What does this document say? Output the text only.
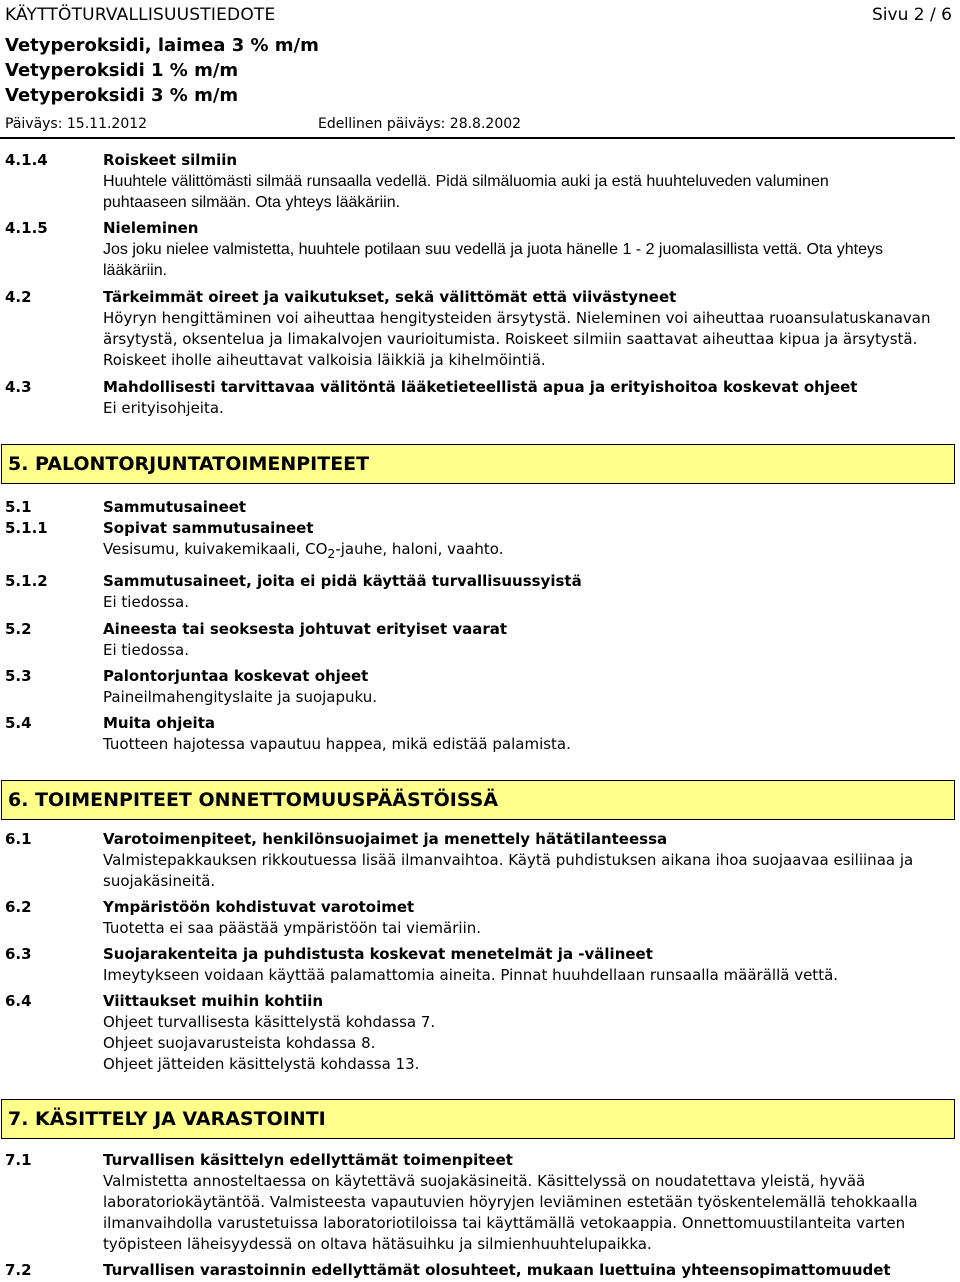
KÄYTTÖTURVALLISUUSTIEDOTE	Sivu 2 / 6
Vetyperoksidi, laimea 3 % m/m
Vetyperoksidi 1 % m/m
Vetyperoksidi 3 % m/m
Päiväys: 15.11.2012	Edellinen päiväys: 28.8.2002
4.1.4	Roiskeet silmiin
Huuhtele välittömästi silmää runsaalla vedellä. Pidä silmäluomia auki ja estä huuhteluveden valuminen
puhtaaseen silmään. Ota yhteys lääkäriin.
4.1.5	Nieleminen
Jos joku nielee valmistetta, huuhtele potilaan suu vedellä ja juota hänelle 1 - 2 juomalasillista vettä. Ota yhteys
lääkäriin.
4.2	Tärkeimmät oireet ja vaikutukset, sekä välittömät että viivästyneet
Höyryn hengittäminen voi aiheuttaa hengitysteiden ärsytystä. Nieleminen voi aiheuttaa ruoansulatuskanavan
ärsytystä, oksentelua ja limakalvojen vaurioitumista. Roiskeet silmiin saattavat aiheuttaa kipua ja ärsytystä.
Roiskeet iholle aiheuttavat valkoisia läikkiä ja kihelmöintiä.
4.3	Mahdollisesti tarvittavaa välitöntä lääketieteellistä apua ja erityishoitoa koskevat ohjeet
Ei erityisohjeita.
5. PALONTORJUNTATOIMENPITEET
5.1	Sammutusaineet
5.1.1	Sopivat sammutusaineet
Vesisumu, kuivakemikaali, $CO_2$-jauhe, haloni, vaahto.
5.1.2	Sammutusaineet, joita ei pidä käyttää turvallisuussyistä
Ei tiedossa.
5.2	Aineesta tai seoksesta johtuvat erityiset vaarat
Ei tiedossa.
5.3	Palontorjuntaa koskevat ohjeet
Paineilmahengityslaite ja suojapuku.
5.4	Muita ohjeita
Tuotteen hajotessa vapautuu happea, mikä edistää palamista.
6. TOIMENPITEET ONNETTOMUUSPÄÄSTÖISSÄ
6.1	Varotoimenpiteet, henkilönsuojaimet ja menettely hätätilanteessa
Valmistepakkauksen rikkoutuessa lisää ilmanvaihtoa. Käytä puhdistuksen aikana ihoa suojaavaa esiliinaa ja
suojakäsineitä.
6.2	Ympäristöön kohdistuvat varotoimet
Tuotetta ei saa päästää ympäristöön tai viemäriin.
6.3	Suojarakenteita ja puhdistusta koskevat menetelmät ja -välineet
Imeytykseen voidaan käyttää palamattomia aineita. Pinnat huuhdellaan runsaalla määrällä vettä.
6.4	Viittaukset muihin kohtiin
Ohjeet turvallisesta käsittelystä kohdassa 7.
Ohjeet suojavarusteista kohdassa 8.
Ohjeet jätteiden käsittelystä kohdassa 13.
7. KÄSITTELY JA VARASTOINTI
7.1	Turvallisen käsittelyn edellyttämät toimenpiteet
Valmistetta annosteltaessa on käytettävä suojakäsineitä. Käsittelyssä on noudatettava yleistä, hyvää
laboratoriokäytäntöä. Valmisteesta vapautuvien höyryjen leviäminen estetään työskentelemällä tehokkaalla
ilmanvaihdolla varustetuissa laboratoriotiloissa tai käyttämällä vetokaappia. Onnettomuustilanteita varten
työpisteen läheisyydessä on oltava hätäsuihku ja silmienhuuhtelupaikka.
7.2	Turvallisen varastoinnin edellyttämät olosuhteet, mukaan luettuina yhteensopimattomuudet
